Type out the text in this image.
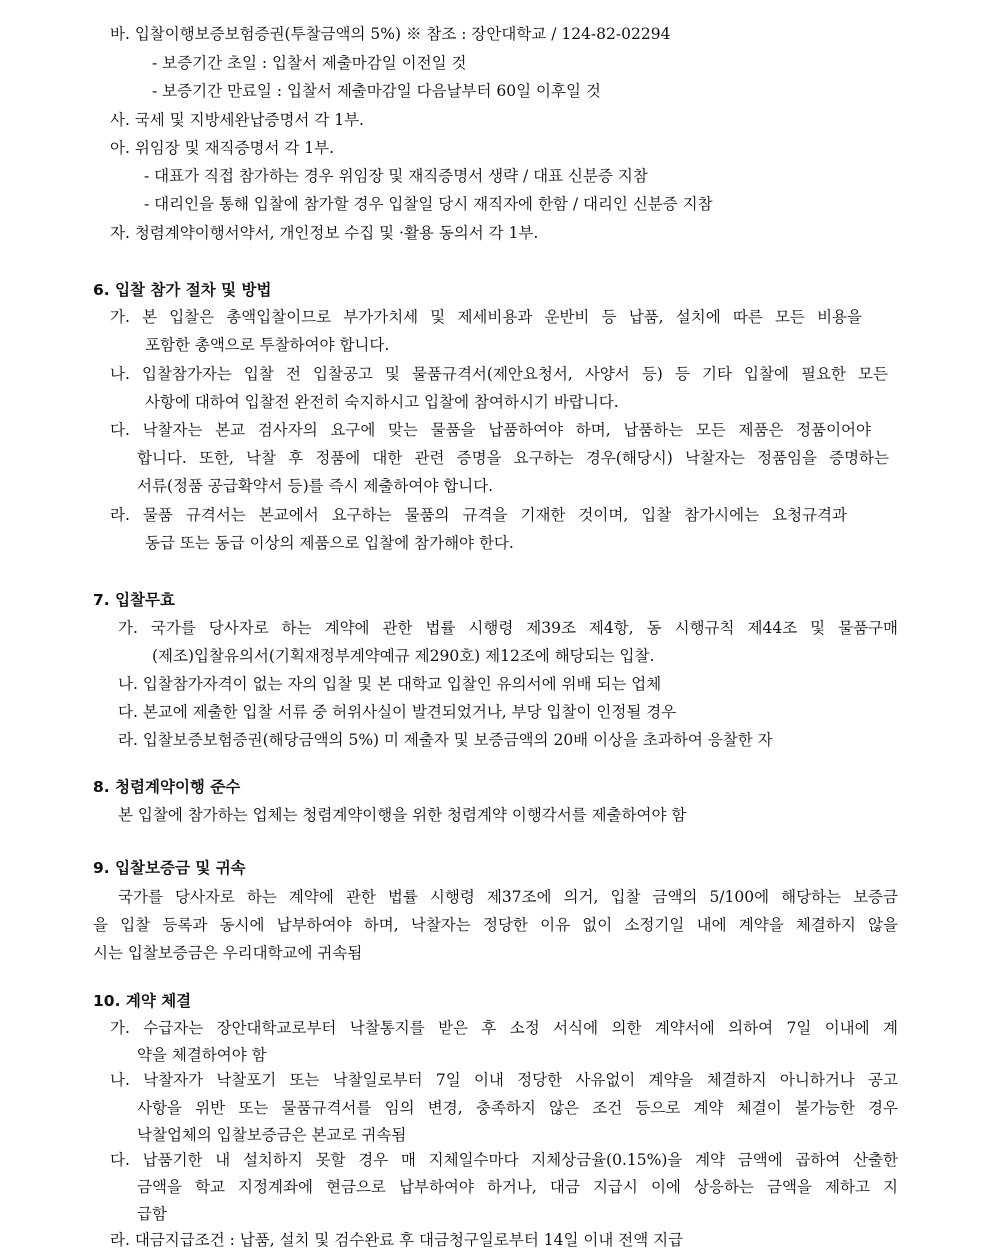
바. 입찰이행보증보험증권(투찰금액의 5%) ※ 참조 : 장안대학교 / 124-82-02294
- 보증기간 초일 : 입찰서 제출마감일 이전일 것
- 보증기간 만료일 : 입찰서 제출마감일 다음날부터 60일 이후일 것
사. 국세 및 지방세완납증명서 각 1부.
아. 위임장 및 재직증명서 각 1부.
- 대표가 직접 참가하는 경우 위임장 및 재직증명서 생략 / 대표 신분증 지참
- 대리인을 통해 입찰에 참가할 경우 입찰일 당시 재직자에 한함 / 대리인 신분증 지참
자. 청렴계약이행서약서, 개인정보 수집 및 ·활용 동의서 각 1부.
6. 입찰 참가 절차 및 방법
가. 본 입찰은 총액입찰이므로 부가가치세 및 제세비용과 운반비 등 납품, 설치에 따른 모든 비용을
포함한 총액으로 투찰하여야 합니다.
나. 입찰참가자는 입찰 전 입찰공고 및 물품규격서(제안요청서, 사양서 등) 등 기타 입찰에 필요한 모든
사항에 대하여 입찰전 완전히 숙지하시고 입찰에 참여하시기 바랍니다.
다. 낙찰자는 본교 검사자의 요구에 맞는 물품을 납품하여야 하며, 납품하는 모든 제품은 정품이어야
합니다. 또한, 낙찰 후 정품에 대한 관련 증명을 요구하는 경우(해당시) 낙찰자는 정품임을 증명하는
서류(정품 공급확약서 등)를 즉시 제출하여야 합니다.
라. 물품 규격서는 본교에서 요구하는 물품의 규격을 기재한 것이며, 입찰 참가시에는 요청규격과
동급 또는 동급 이상의 제품으로 입찰에 참가해야 한다.
7. 입찰무효
가. 국가를 당사자로 하는 계약에 관한 법률 시행령 제39조 제4항, 동 시행규칙 제44조 및 물품구매
(제조)입찰유의서(기획재정부계약예규 제290호) 제12조에 해당되는 입찰.
나. 입찰참가자격이 없는 자의 입찰 및 본 대학교 입찰인 유의서에 위배 되는 업체
다. 본교에 제출한 입찰 서류 중 허위사실이 발견되었거나, 부당 입찰이 인정될 경우
라. 입찰보증보험증권(해당금액의 5%) 미 제출자 및 보증금액의 20배 이상을 초과하여 응찰한 자
8. 청렴계약이행 준수
본 입찰에 참가하는 업체는 청렴계약이행을 위한 청렴계약 이행각서를 제출하여야 함
9. 입찰보증금 및 귀속
국가를 당사자로 하는 계약에 관한 법률 시행령 제37조에 의거, 입찰 금액의 5/100에 해당하는 보증금
을 입찰 등록과 동시에 납부하여야 하며, 낙찰자는 정당한 이유 없이 소정기일 내에 계약을 체결하지 않을
시는 입찰보증금은 우리대학교에 귀속됨
10. 계약 체결
가. 수급자는 장안대학교로부터 낙찰통지를 받은 후 소정 서식에 의한 계약서에 의하여 7일 이내에 계
약을 체결하여야 함
나. 낙찰자가 낙찰포기 또는 낙찰일로부터 7일 이내 정당한 사유없이 계약을 체결하지 아니하거나 공고
사항을 위반 또는 물품규격서를 임의 변경, 충족하지 않은 조건 등으로 계약 체결이 불가능한 경우
낙찰업체의 입찰보증금은 본교로 귀속됨
다. 납품기한 내 설치하지 못할 경우 매 지체일수마다 지체상금율(0.15%)을 계약 금액에 곱하여 산출한
금액을 학교 지정계좌에 현금으로 납부하여야 하거나, 대금 지급시 이에 상응하는 금액을 제하고 지
급함
라. 대금지급조건 : 납품, 설치 및 검수완료 후 대금청구일로부터 14일 이내 전액 지급
